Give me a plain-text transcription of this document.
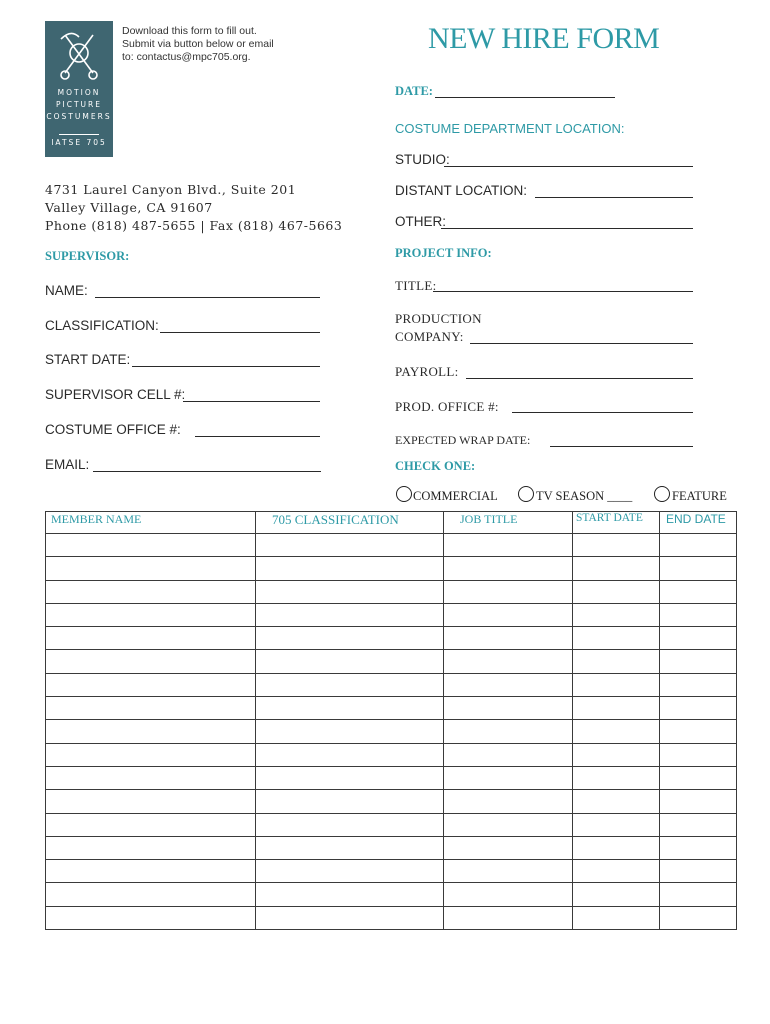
MOTION
PICTURE
COSTUMERS
IATSE 705
Download this form to fill out.
Submit via button below or email
to: contactus@mpc705.org.
NEW HIRE FORM
4731 Laurel Canyon Blvd., Suite 201
Valley Village, CA 91607
Phone (818) 487-5655 | Fax (818) 467-5663
DATE:
COSTUME DEPARTMENT LOCATION:
STUDIO:
DISTANT LOCATION:
OTHER:
PROJECT INFO:
TITLE:
PRODUCTION
COMPANY:
PAYROLL:
PROD. OFFICE #:
EXPECTED WRAP DATE:
CHECK ONE:
COMMERCIAL	TV SEASON ____	FEATURE
SUPERVISOR:
NAME:
CLASSIFICATION:
START DATE:
SUPERVISOR CELL #:
COSTUME OFFICE #:
EMAIL:
MEMBER NAME	705 CLASSIFICATION	JOB TITLE	START DATE	END DATE
